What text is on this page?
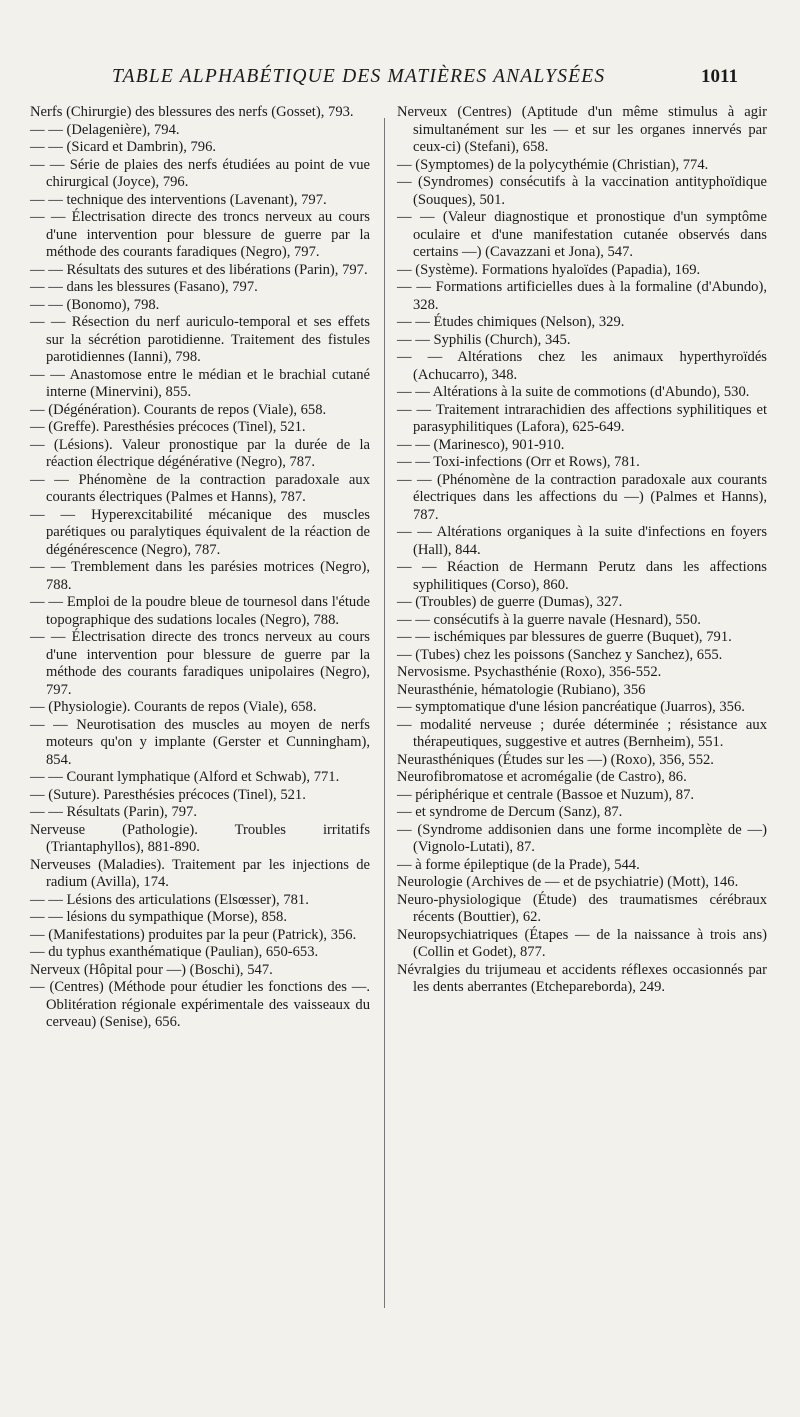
TABLE ALPHABÉTIQUE DES MATIÈRES ANALYSÉES	1011
Nerfs (Chirurgie) des blessures des nerfs (Gosset), 793.
— — (Delagenière), 794.
— — (Sicard et Dambrin), 796.
— — Série de plaies des nerfs étudiées au point de vue chirurgical (Joyce), 796.
— — technique des interventions (Lavenant), 797.
— — Électrisation directe des troncs nerveux au cours d'une intervention pour blessure de guerre par la méthode des courants faradiques (Negro), 797.
— — Résultats des sutures et des libérations (Parin), 797.
— — dans les blessures (Fasano), 797.
— — (Bonomo), 798.
— — Résection du nerf auriculo-temporal et ses effets sur la sécrétion parotidienne. Traitement des fistules parotidiennes (Ianni), 798.
— — Anastomose entre le médian et le brachial cutané interne (Minervini), 855.
— (Dégénération). Courants de repos (Viale), 658.
— (Greffe). Paresthésies précoces (Tinel), 521.
— (Lésions). Valeur pronostique par la durée de la réaction électrique dégénérative (Negro), 787.
— — Phénomène de la contraction paradoxale aux courants électriques (Palmes et Hanns), 787.
— — Hyperexcitabilité mécanique des muscles parétiques ou paralytiques équivalent de la réaction de dégénérescence (Negro), 787.
— — Tremblement dans les parésies motrices (Negro), 788.
— — Emploi de la poudre bleue de tournesol dans l'étude topographique des sudations locales (Negro), 788.
— — Électrisation directe des troncs nerveux au cours d'une intervention pour blessure de guerre par la méthode des courants faradiques unipolaires (Negro), 797.
— (Physiologie). Courants de repos (Viale), 658.
— — Neurotisation des muscles au moyen de nerfs moteurs qu'on y implante (Gerster et Cunningham), 854.
— — Courant lymphatique (Alford et Schwab), 771.
— (Suture). Paresthésies précoces (Tinel), 521.
— — Résultats (Parin), 797.
Nerveuse (Pathologie). Troubles irritatifs (Triantaphyllos), 881-890.
Nerveuses (Maladies). Traitement par les injections de radium (Avilla), 174.
— — Lésions des articulations (Elsœsser), 781.
— — lésions du sympathique (Morse), 858.
— (Manifestations) produites par la peur (Patrick), 356.
— du typhus exanthématique (Paulian), 650-653.
Nerveux (Hôpital pour —) (Boschi), 547.
— (Centres) (Méthode pour étudier les fonctions des —. Oblitération régionale expérimentale des vaisseaux du cerveau) (Senise), 656.
Nerveux (Centres) (Aptitude d'un même stimulus à agir simultanément sur les — et sur les organes innervés par ceux-ci) (Stefani), 658.
— (Symptomes) de la polycythémie (Christian), 774.
— (Syndromes) consécutifs à la vaccination antityphoïdique (Souques), 501.
— — (Valeur diagnostique et pronostique d'un symptôme oculaire et d'une manifestation cutanée observés dans certains —) (Cavazzani et Jona), 547.
— (Système). Formations hyaloïdes (Papadia), 169.
— — Formations artificielles dues à la formaline (d'Abundo), 328.
— — Études chimiques (Nelson), 329.
— — Syphilis (Church), 345.
— — Altérations chez les animaux hyperthyroïdés (Achucarro), 348.
— — Altérations à la suite de commotions (d'Abundo), 530.
— — Traitement intrarachidien des affections syphilitiques et parasyphilitiques (Lafora), 625-649.
— — (Marinesco), 901-910.
— — Toxi-infections (Orr et Rows), 781.
— — (Phénomène de la contraction paradoxale aux courants électriques dans les affections du —) (Palmes et Hanns), 787.
— — Altérations organiques à la suite d'infections en foyers (Hall), 844.
— — Réaction de Hermann Perutz dans les affections syphilitiques (Corso), 860.
— (Troubles) de guerre (Dumas), 327.
— — consécutifs à la guerre navale (Hesnard), 550.
— — ischémiques par blessures de guerre (Buquet), 791.
— (Tubes) chez les poissons (Sanchez y Sanchez), 655.
Nervosisme. Psychasthénie (Roxo), 356-552.
Neurasthénie, hématologie (Rubiano), 356
— symptomatique d'une lésion pancréatique (Juarros), 356.
— modalité nerveuse ; durée déterminée ; résistance aux thérapeutiques, suggestive et autres (Bernheim), 551.
Neurasthéniques (Études sur les —) (Roxo), 356, 552.
Neurofibromatose et acromégalie (de Castro), 86.
— périphérique et centrale (Bassoe et Nuzum), 87.
— et syndrome de Dercum (Sanz), 87.
— (Syndrome addisonien dans une forme incomplète de —) (Vignolo-Lutati), 87.
— à forme épileptique (de la Prade), 544.
Neurologie (Archives de — et de psychiatrie) (Mott), 146.
Neuro-physiologique (Étude) des traumatismes cérébraux récents (Bouttier), 62.
Neuropsychiatriques (Étapes — de la naissance à trois ans) (Collin et Godet), 877.
Névralgies du trijumeau et accidents réflexes occasionnés par les dents aberrantes (Etchepareborda), 249.
